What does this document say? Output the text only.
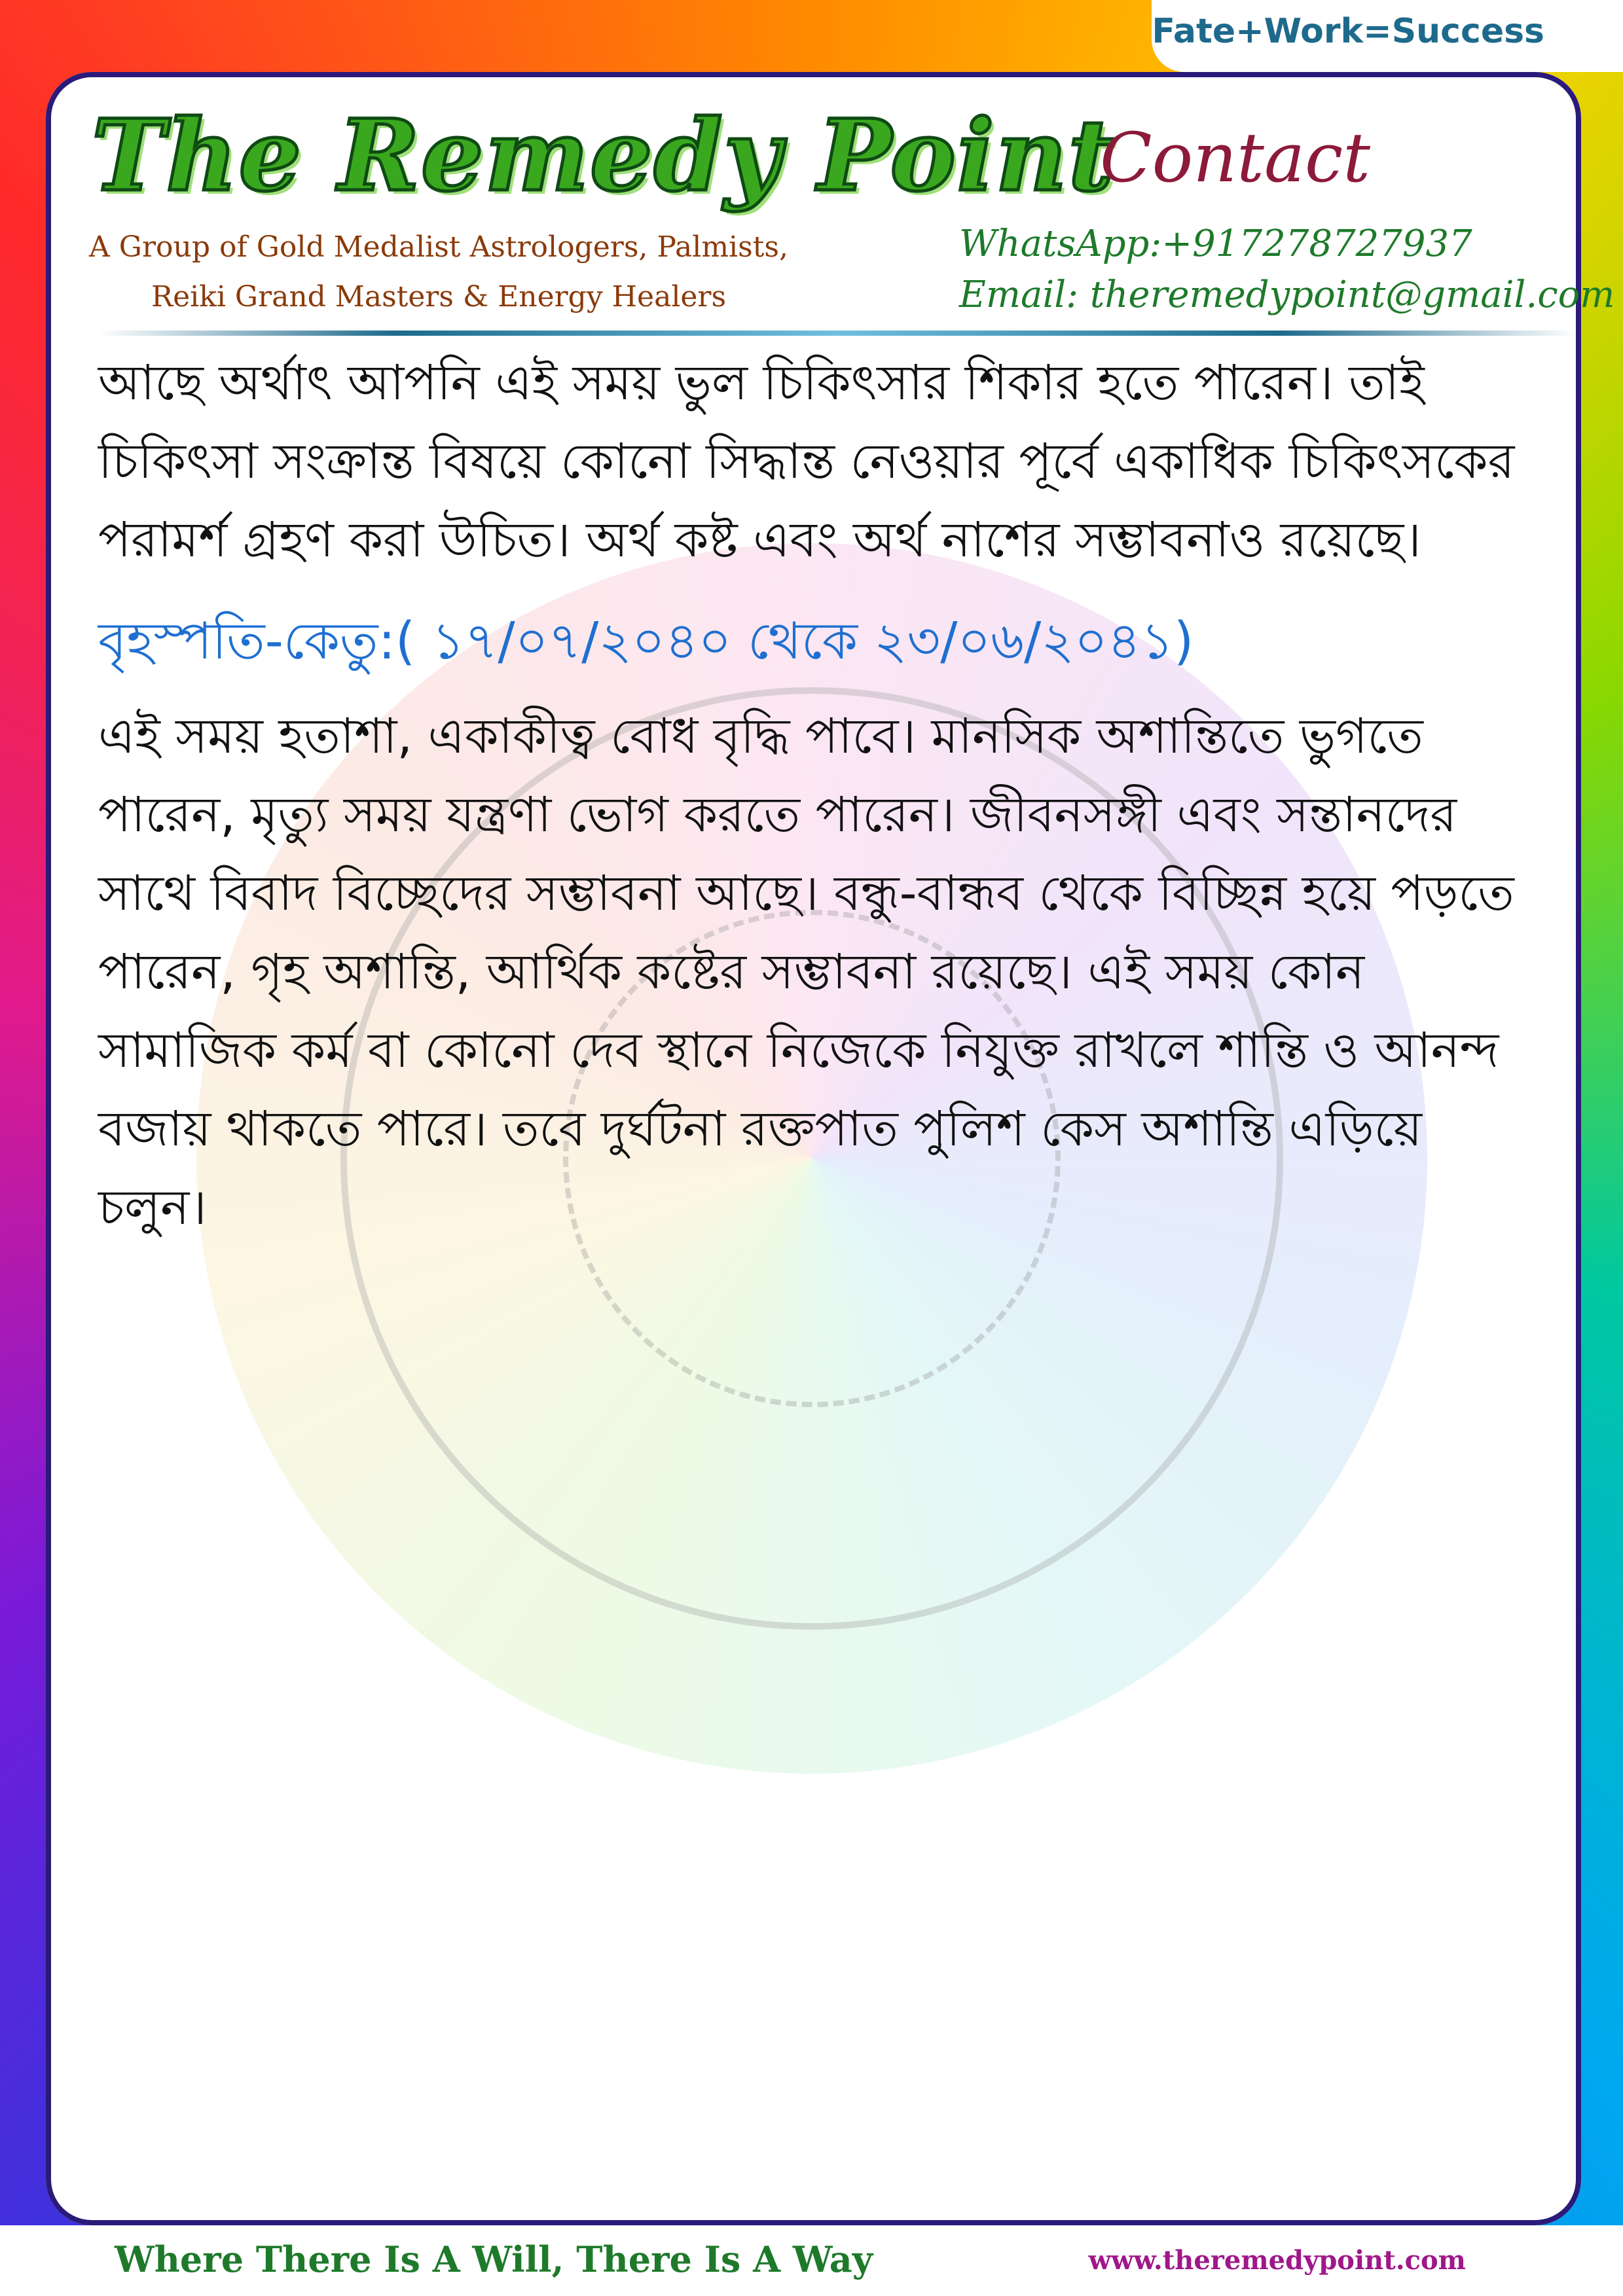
Fate+Work=Success
The Remedy Point
A Group of Gold Medalist Astrologers, Palmists,
Reiki Grand Masters & Energy Healers
Contact
WhatsApp:+917278727937
Email: theremedypoint@gmail.com

আছে অর্থাৎ আপনি এই সময় ভুল চিকিৎসার শিকার হতে পারেন। তাই চিকিৎসা সংক্রান্ত বিষয়ে কোনো সিদ্ধান্ত নেওয়ার পূর্বে একাধিক চিকিৎসকের পরামর্শ গ্রহণ করা উচিত। অর্থ কষ্ট এবং অর্থ নাশের সম্ভাবনাও রয়েছে।

বৃহস্পতি-কেতু:( ১৭/০৭/২০৪০ থেকে ২৩/০৬/২০৪১)

এই সময় হতাশা, একাকীত্ব বোধ বৃদ্ধি পাবে। মানসিক অশান্তিতে ভুগতে পারেন, মৃত্যু সময় যন্ত্রণা ভোগ করতে পারেন। জীবনসঙ্গী এবং সন্তানদের সাথে বিবাদ বিচ্ছেদের সম্ভাবনা আছে। বন্ধু-বান্ধব থেকে বিচ্ছিন্ন হয়ে পড়তে পারেন, গৃহ অশান্তি, আর্থিক কষ্টের সম্ভাবনা রয়েছে। এই সময় কোন সামাজিক কর্ম বা কোনো দেব স্থানে নিজেকে নিযুক্ত রাখলে শান্তি ও আনন্দ বজায় থাকতে পারে। তবে দুর্ঘটনা রক্তপাত পুলিশ কেস অশান্তি এড়িয়ে চলুন।

Where There Is A Will, There Is A Way	www.theremedypoint.com
